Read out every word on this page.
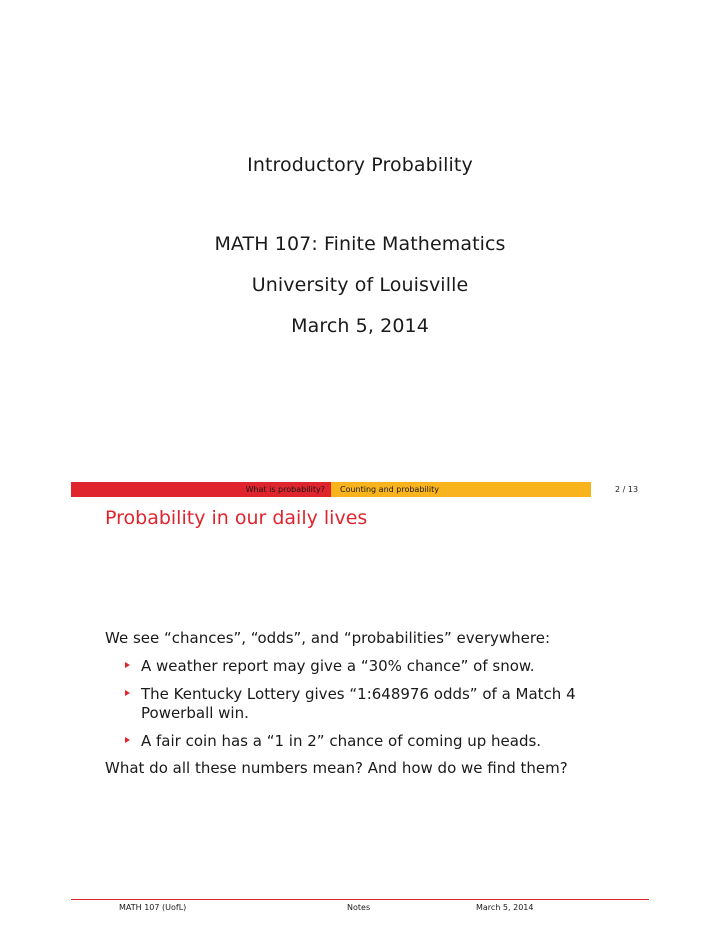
Introductory Probability
MATH 107: Finite Mathematics
University of Louisville
March 5, 2014
What is probability? Counting and probability	2 / 13
Probability in our daily lives
We see “chances”, “odds”, and “probabilities” everywhere:
A weather report may give a “30% chance” of snow.
The Kentucky Lottery gives “1:648976 odds” of a Match 4
Powerball win.
A fair coin has a “1 in 2” chance of coming up heads.
What do all these numbers mean? And how do we find them?
MATH 107 (UofL)	Notes	March 5, 2014
